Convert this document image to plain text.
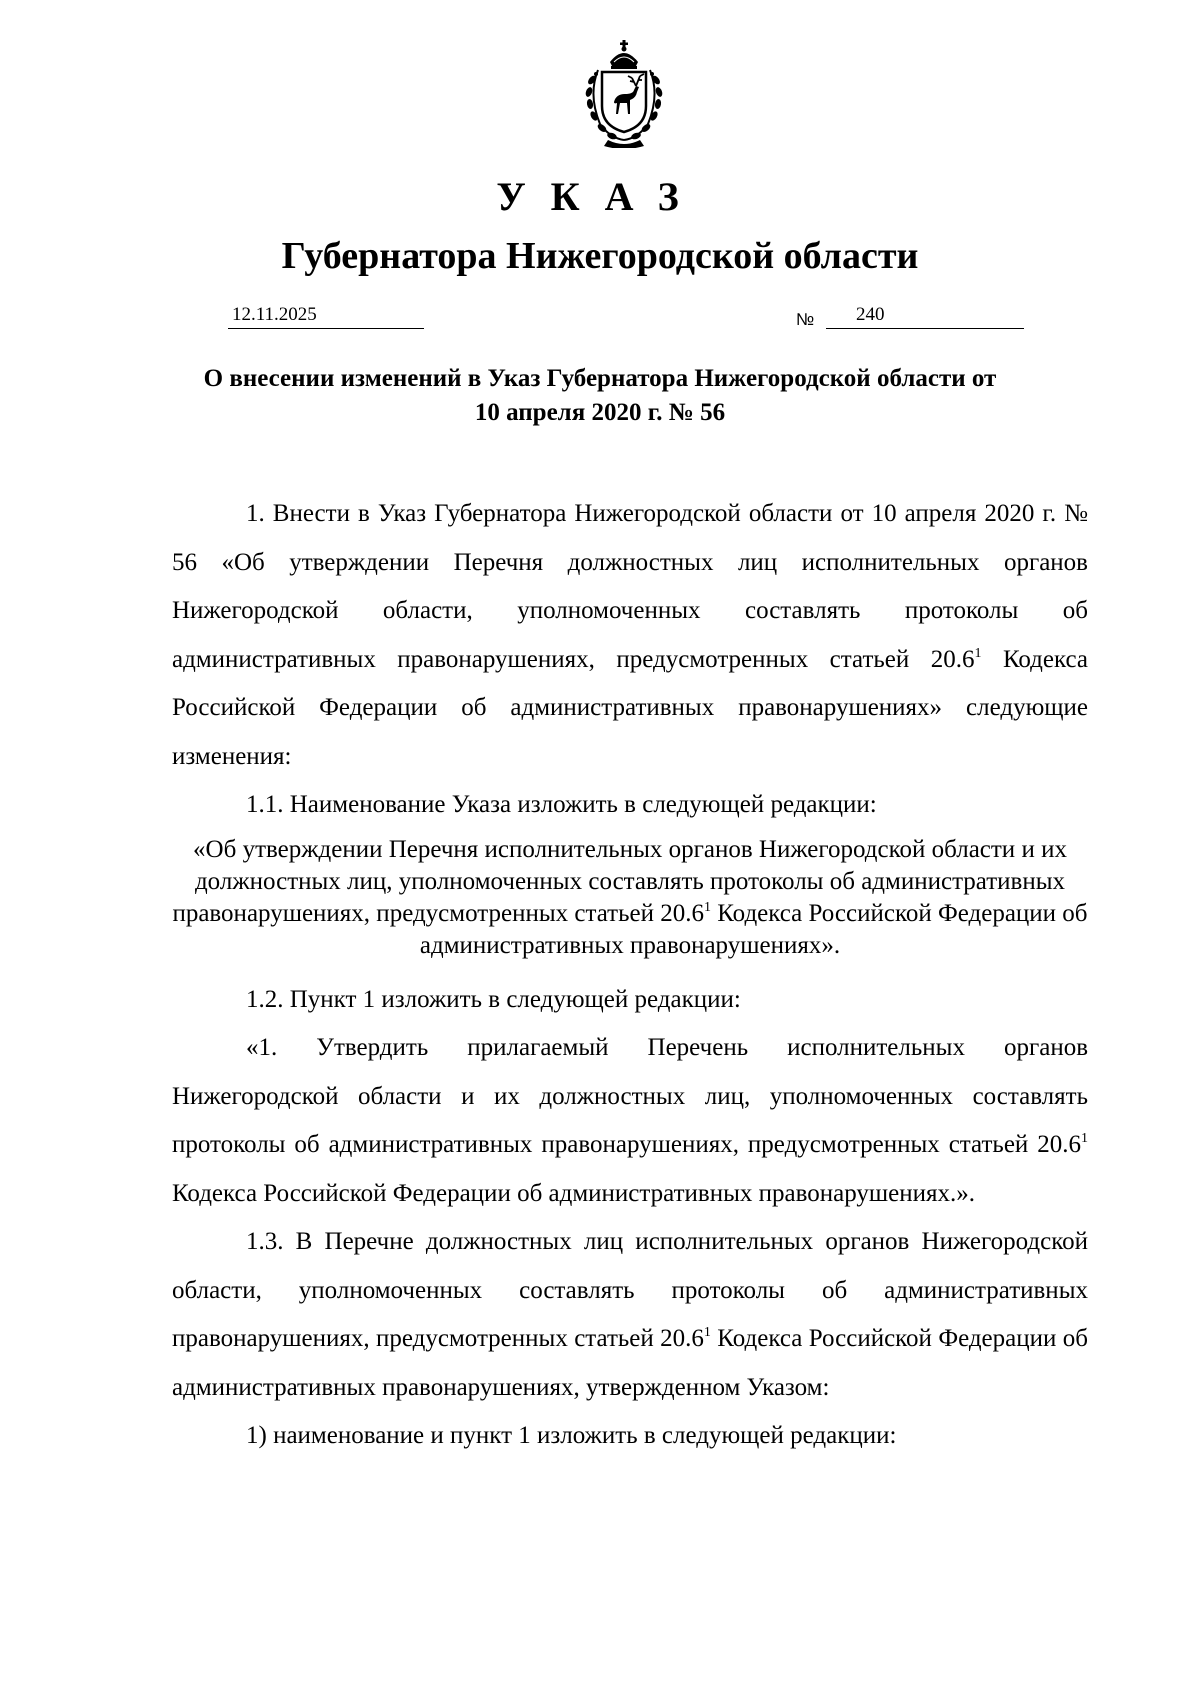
УКАЗ
Губернатора Нижегородской области
12.11.2025	№	240
О внесении изменений в Указ Губернатора Нижегородской области от 10 апреля 2020 г. № 56

1. Внести в Указ Губернатора Нижегородской области от 10 апреля 2020 г. № 56 «Об утверждении Перечня должностных лиц исполнительных органов Нижегородской области, уполномоченных составлять протоколы об административных правонарушениях, предусмотренных статьей 20.6$^1$ Кодекса Российской Федерации об административных правонарушениях» следующие изменения:

1.1. Наименование Указа изложить в следующей редакции:

«Об утверждении Перечня исполнительных органов Нижегородской области и их должностных лиц, уполномоченных составлять протоколы об административных правонарушениях, предусмотренных статьей 20.6$^1$ Кодекса Российской Федерации об административных правонарушениях».

1.2. Пункт 1 изложить в следующей редакции:

«1. Утвердить прилагаемый Перечень исполнительных органов Нижегородской области и их должностных лиц, уполномоченных составлять протоколы об административных правонарушениях, предусмотренных статьей 20.6$^1$ Кодекса Российской Федерации об административных правонарушениях.».

1.3. В Перечне должностных лиц исполнительных органов Нижегородской области, уполномоченных составлять протоколы об административных правонарушениях, предусмотренных статьей 20.6$^1$ Кодекса Российской Федерации об административных правонарушениях, утвержденном Указом:

1) наименование и пункт 1 изложить в следующей редакции:
